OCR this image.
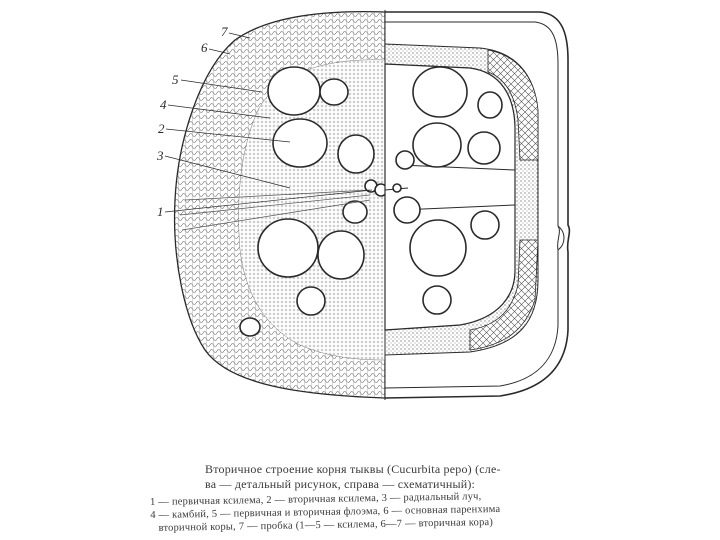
7
6
5
4
2
3
1
Вторичное строение корня тыквы (Cucurbita pepo) (сле-
ва — детальный рисунок, справа — схематичный):
1 — первичная ксилема, 2 — вторичная ксилема, 3 — радиальный луч,
4 — камбий, 5 — первичная и вторичная флоэма, 6 — основная паренхима
вторичной коры, 7 — пробка (1—5 — ксилема, 6—7 — вторичная кора)
